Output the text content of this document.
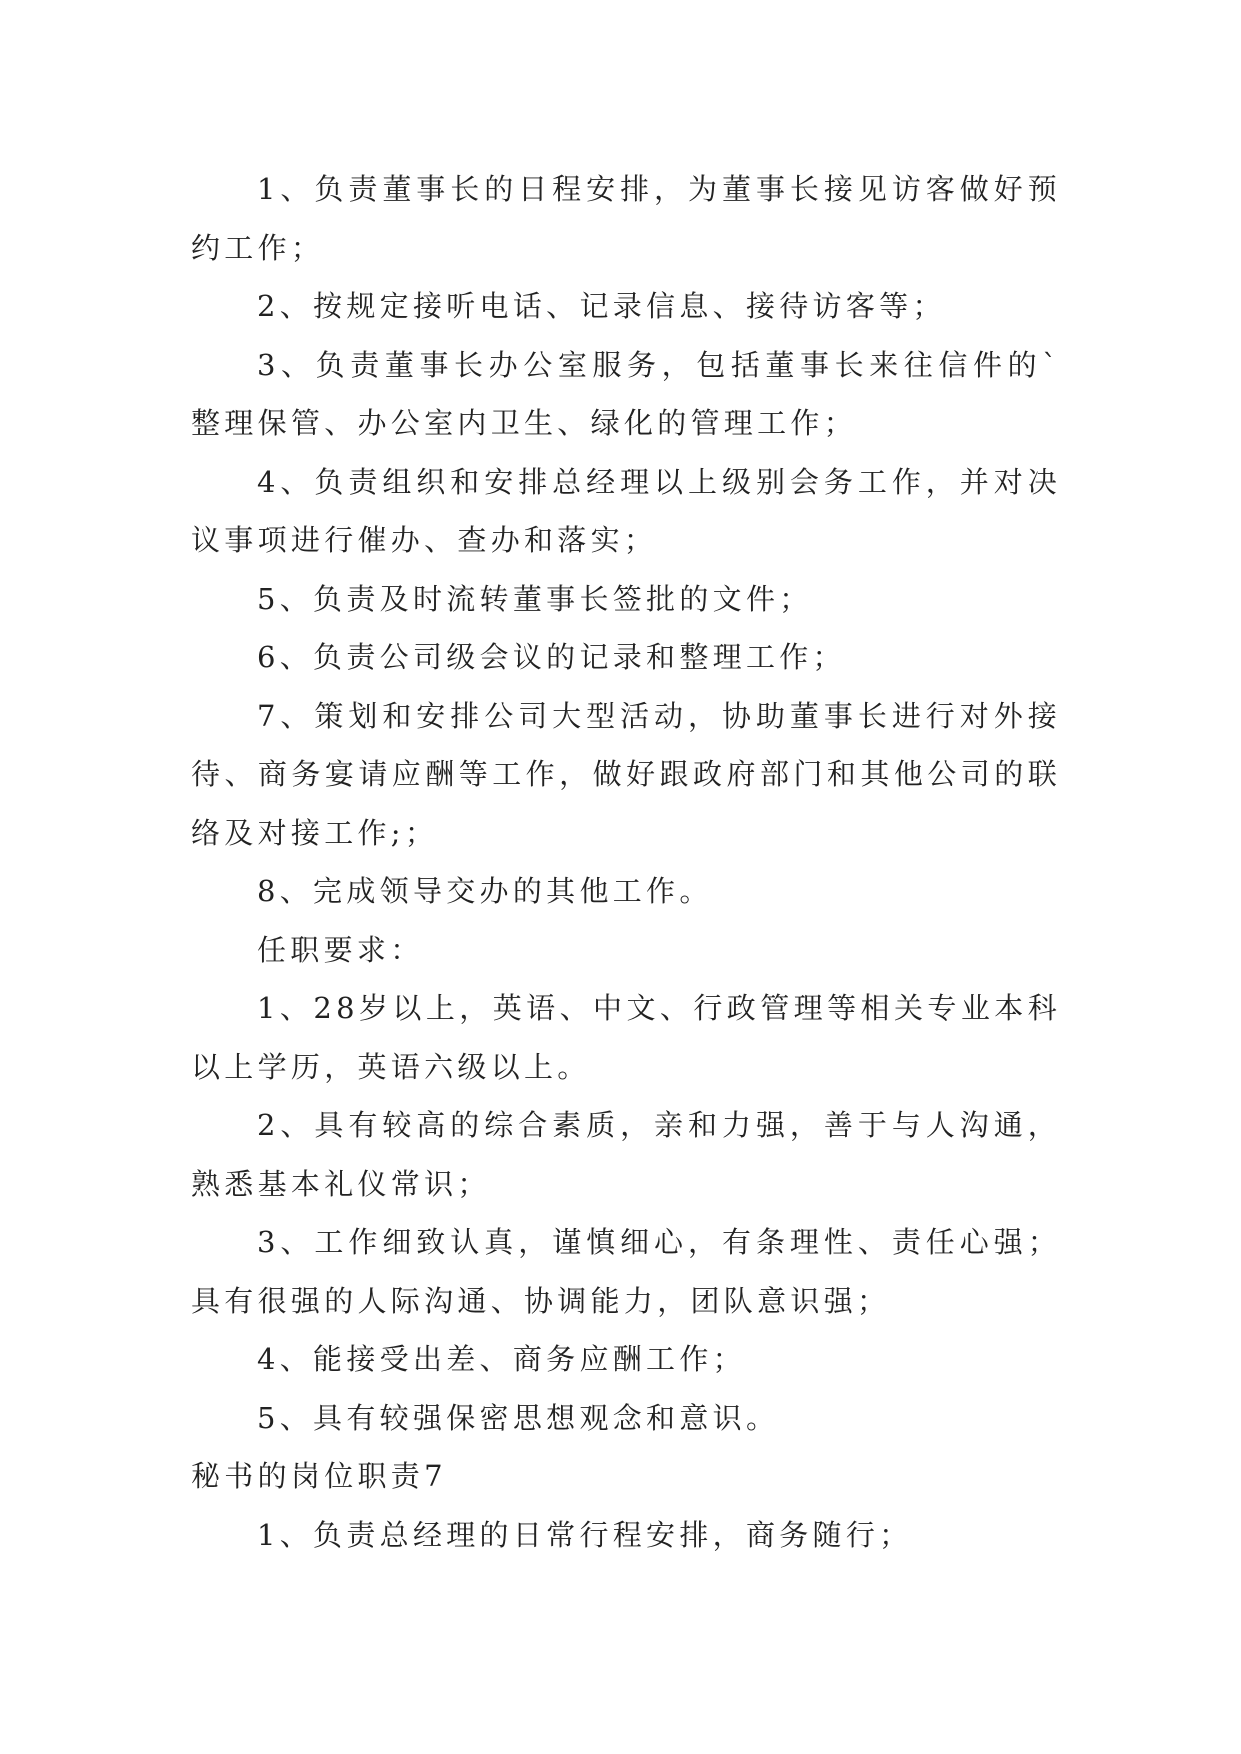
1、负责董事长的日程安排，为董事长接见访客做好预约工作；

2、按规定接听电话、记录信息、接待访客等；

3、负责董事长办公室服务，包括董事长来往信件的`整理保管、办公室内卫生、绿化的管理工作；

4、负责组织和安排总经理以上级别会务工作，并对决议事项进行催办、查办和落实；

5、负责及时流转董事长签批的文件；

6、负责公司级会议的记录和整理工作；

7、策划和安排公司大型活动，协助董事长进行对外接待、商务宴请应酬等工作，做好跟政府部门和其他公司的联络及对接工作;；

8、完成领导交办的其他工作。

任职要求：

1、28岁以上，英语、中文、行政管理等相关专业本科以上学历，英语六级以上。

2、具有较高的综合素质，亲和力强，善于与人沟通，熟悉基本礼仪常识；

3、工作细致认真，谨慎细心，有条理性、责任心强；具有很强的人际沟通、协调能力，团队意识强；

4、能接受出差、商务应酬工作；

5、具有较强保密思想观念和意识。

秘书的岗位职责7

1、负责总经理的日常行程安排，商务随行；
